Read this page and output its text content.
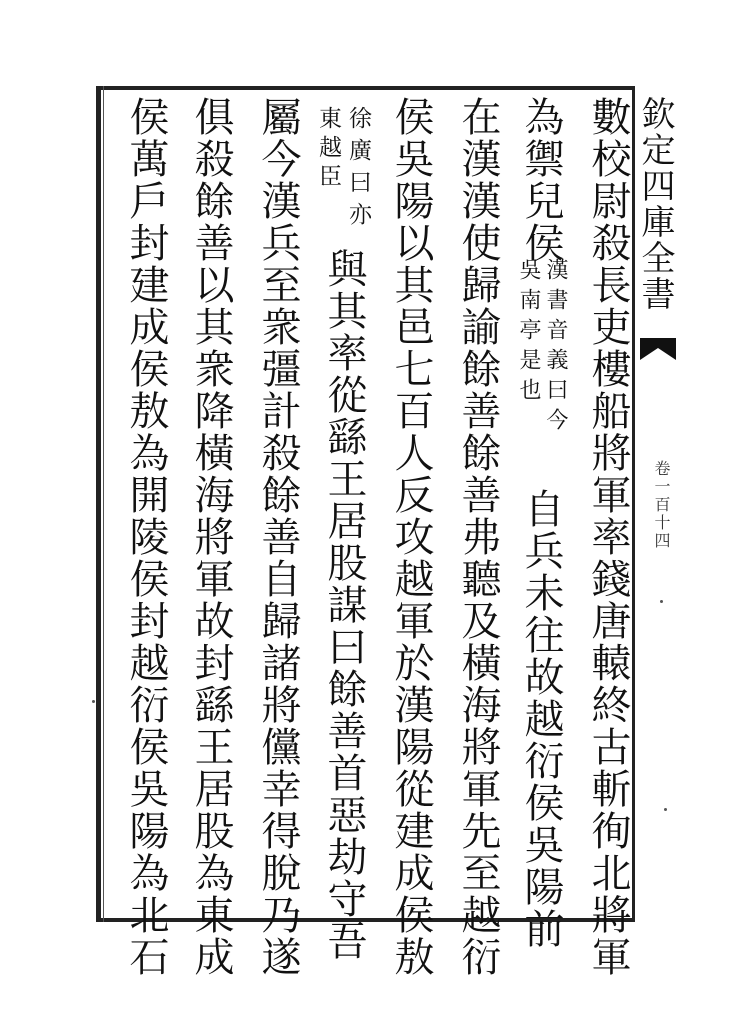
欽定四庫全書
卷一百十四
數校尉殺長吏樓船將軍率錢唐轅終古斬徇北將軍
為禦兒侯
漢書音義曰今
吳南亭是也
自兵未往故越衍侯吳陽前
在漢漢使歸諭餘善餘善弗聽及橫海將軍先至越衍
侯吳陽以其邑七百人反攻越軍於漢陽從建成侯敖
徐廣曰亦
東越臣
與其率從繇王居股謀曰餘善首惡劫守吾
屬今漢兵至衆彊計殺餘善自歸諸將儻幸得脫乃遂
俱殺餘善以其衆降橫海將軍故封繇王居股為東成
侯萬戶封建成侯敖為開陵侯封越衍侯吳陽為北石
